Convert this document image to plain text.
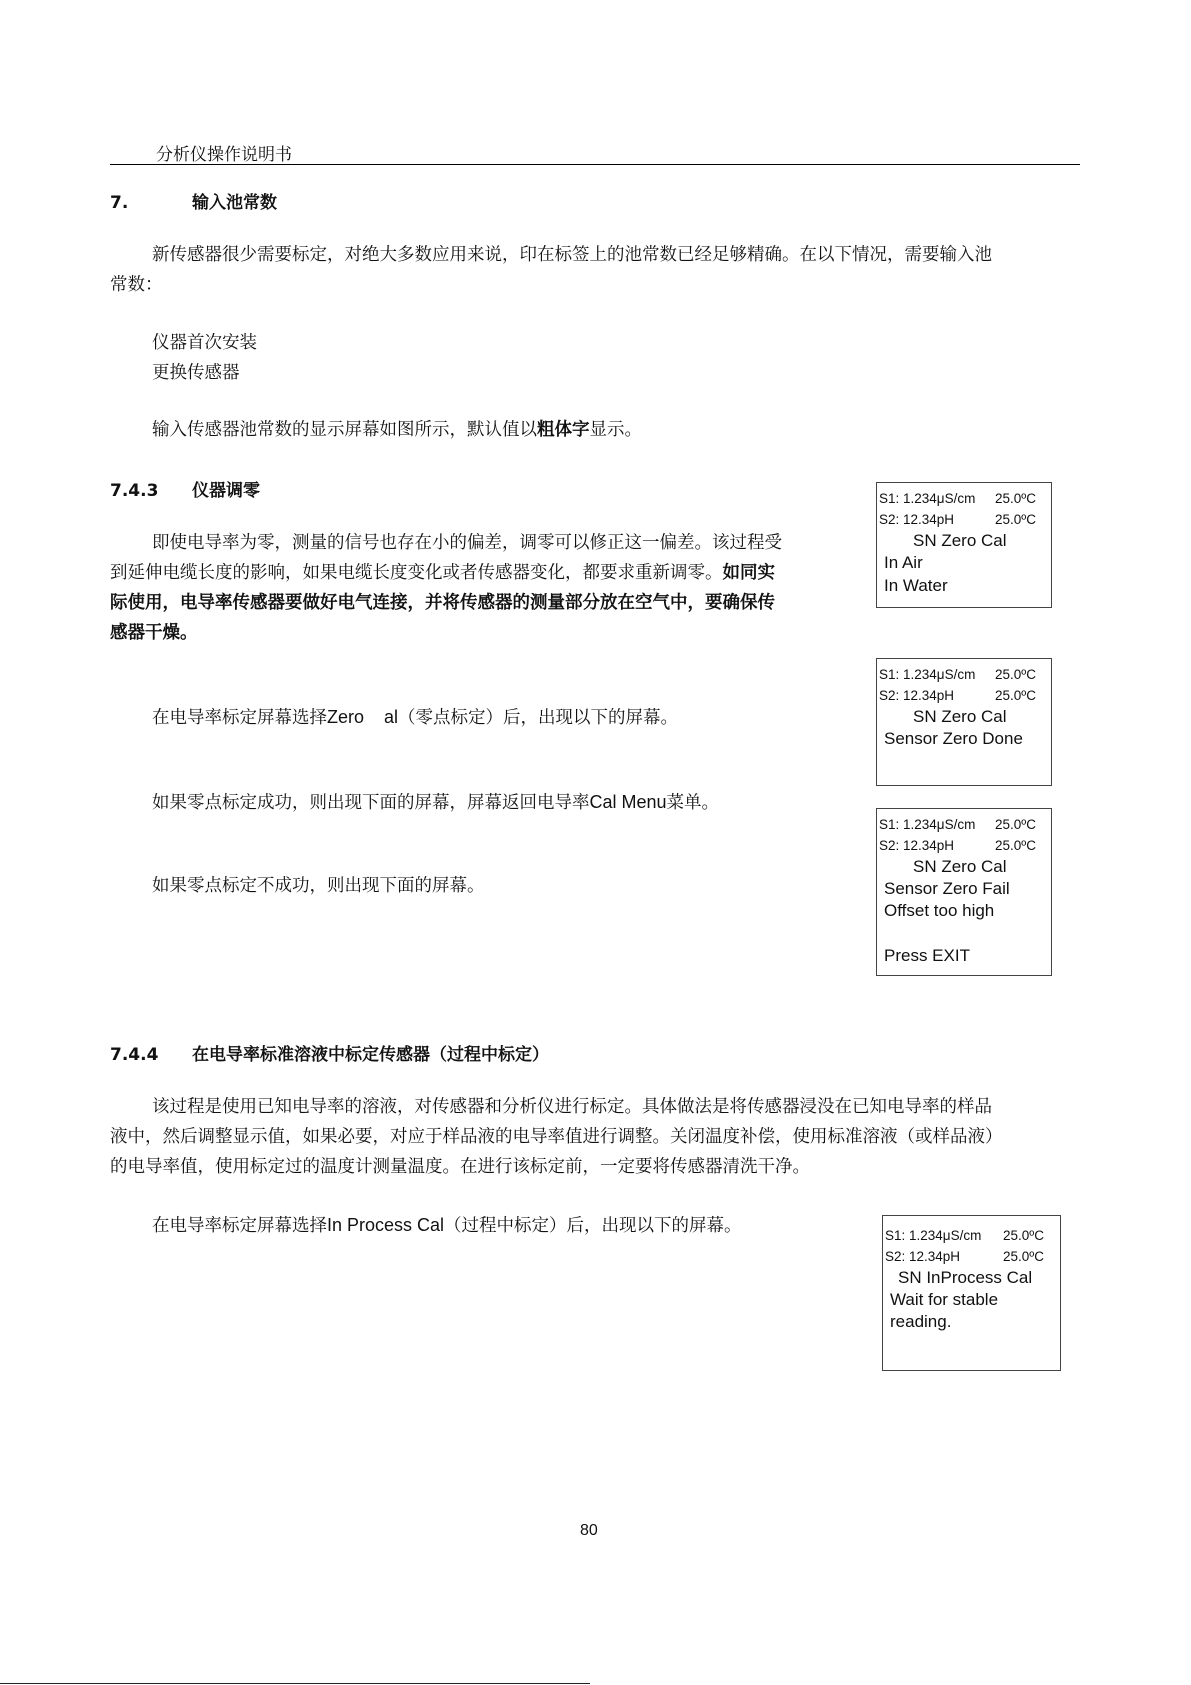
分析仪操作说明书
7.	输入池常数
新传感器很少需要标定，对绝大多数应用来说，印在标签上的池常数已经足够精确。在以下情况，需要输入池
常数：
仪器首次安装
更换传感器
输入传感器池常数的显示屏幕如图所示，默认值以粗体字显示。
7.4.3 仪器调零
即使电导率为零，测量的信号也存在小的偏差，调零可以修正这一偏差。该过程受
到延伸电缆长度的影响，如果电缆长度变化或者传感器变化，都要求重新调零。如同实
际使用，电导率传感器要做好电气连接，并将传感器的测量部分放在空气中，要确保传
感器干燥。
在电导率标定屏幕选择Zero al（零点标定）后，出现以下的屏幕。
如果零点标定成功，则出现下面的屏幕，屏幕返回电导率Cal Menu菜单。
如果零点标定不成功，则出现下面的屏幕。
7.4.4 在电导率标准溶液中标定传感器（过程中标定）
该过程是使用已知电导率的溶液，对传感器和分析仪进行标定。具体做法是将传感器浸没在已知电导率的样品
液中，然后调整显示值，如果必要，对应于样品液的电导率值进行调整。关闭温度补偿，使用标准溶液（或样品液）
的电导率值，使用标定过的温度计测量温度。在进行该标定前，一定要将传感器清洗干净。
在电导率标定屏幕选择In Process Cal（过程中标定）后，出现以下的屏幕。
S1: 1.234μS/cm 25.0ºC
S2: 12.34pH	25.0ºC
SN Zero Cal
In Air
In Water
S1: 1.234μS/cm 25.0ºC
S2: 12.34pH	25.0ºC
SN Zero Cal
Sensor Zero Done
S1: 1.234μS/cm 25.0ºC
S2: 12.34pH	25.0ºC
SN Zero Cal
Sensor Zero Fail
Offset too high
Press EXIT
S1: 1.234μS/cm 25.0ºC
S2: 12.34pH	25.0ºC
SN InProcess Cal
Wait for stable
reading.
80
